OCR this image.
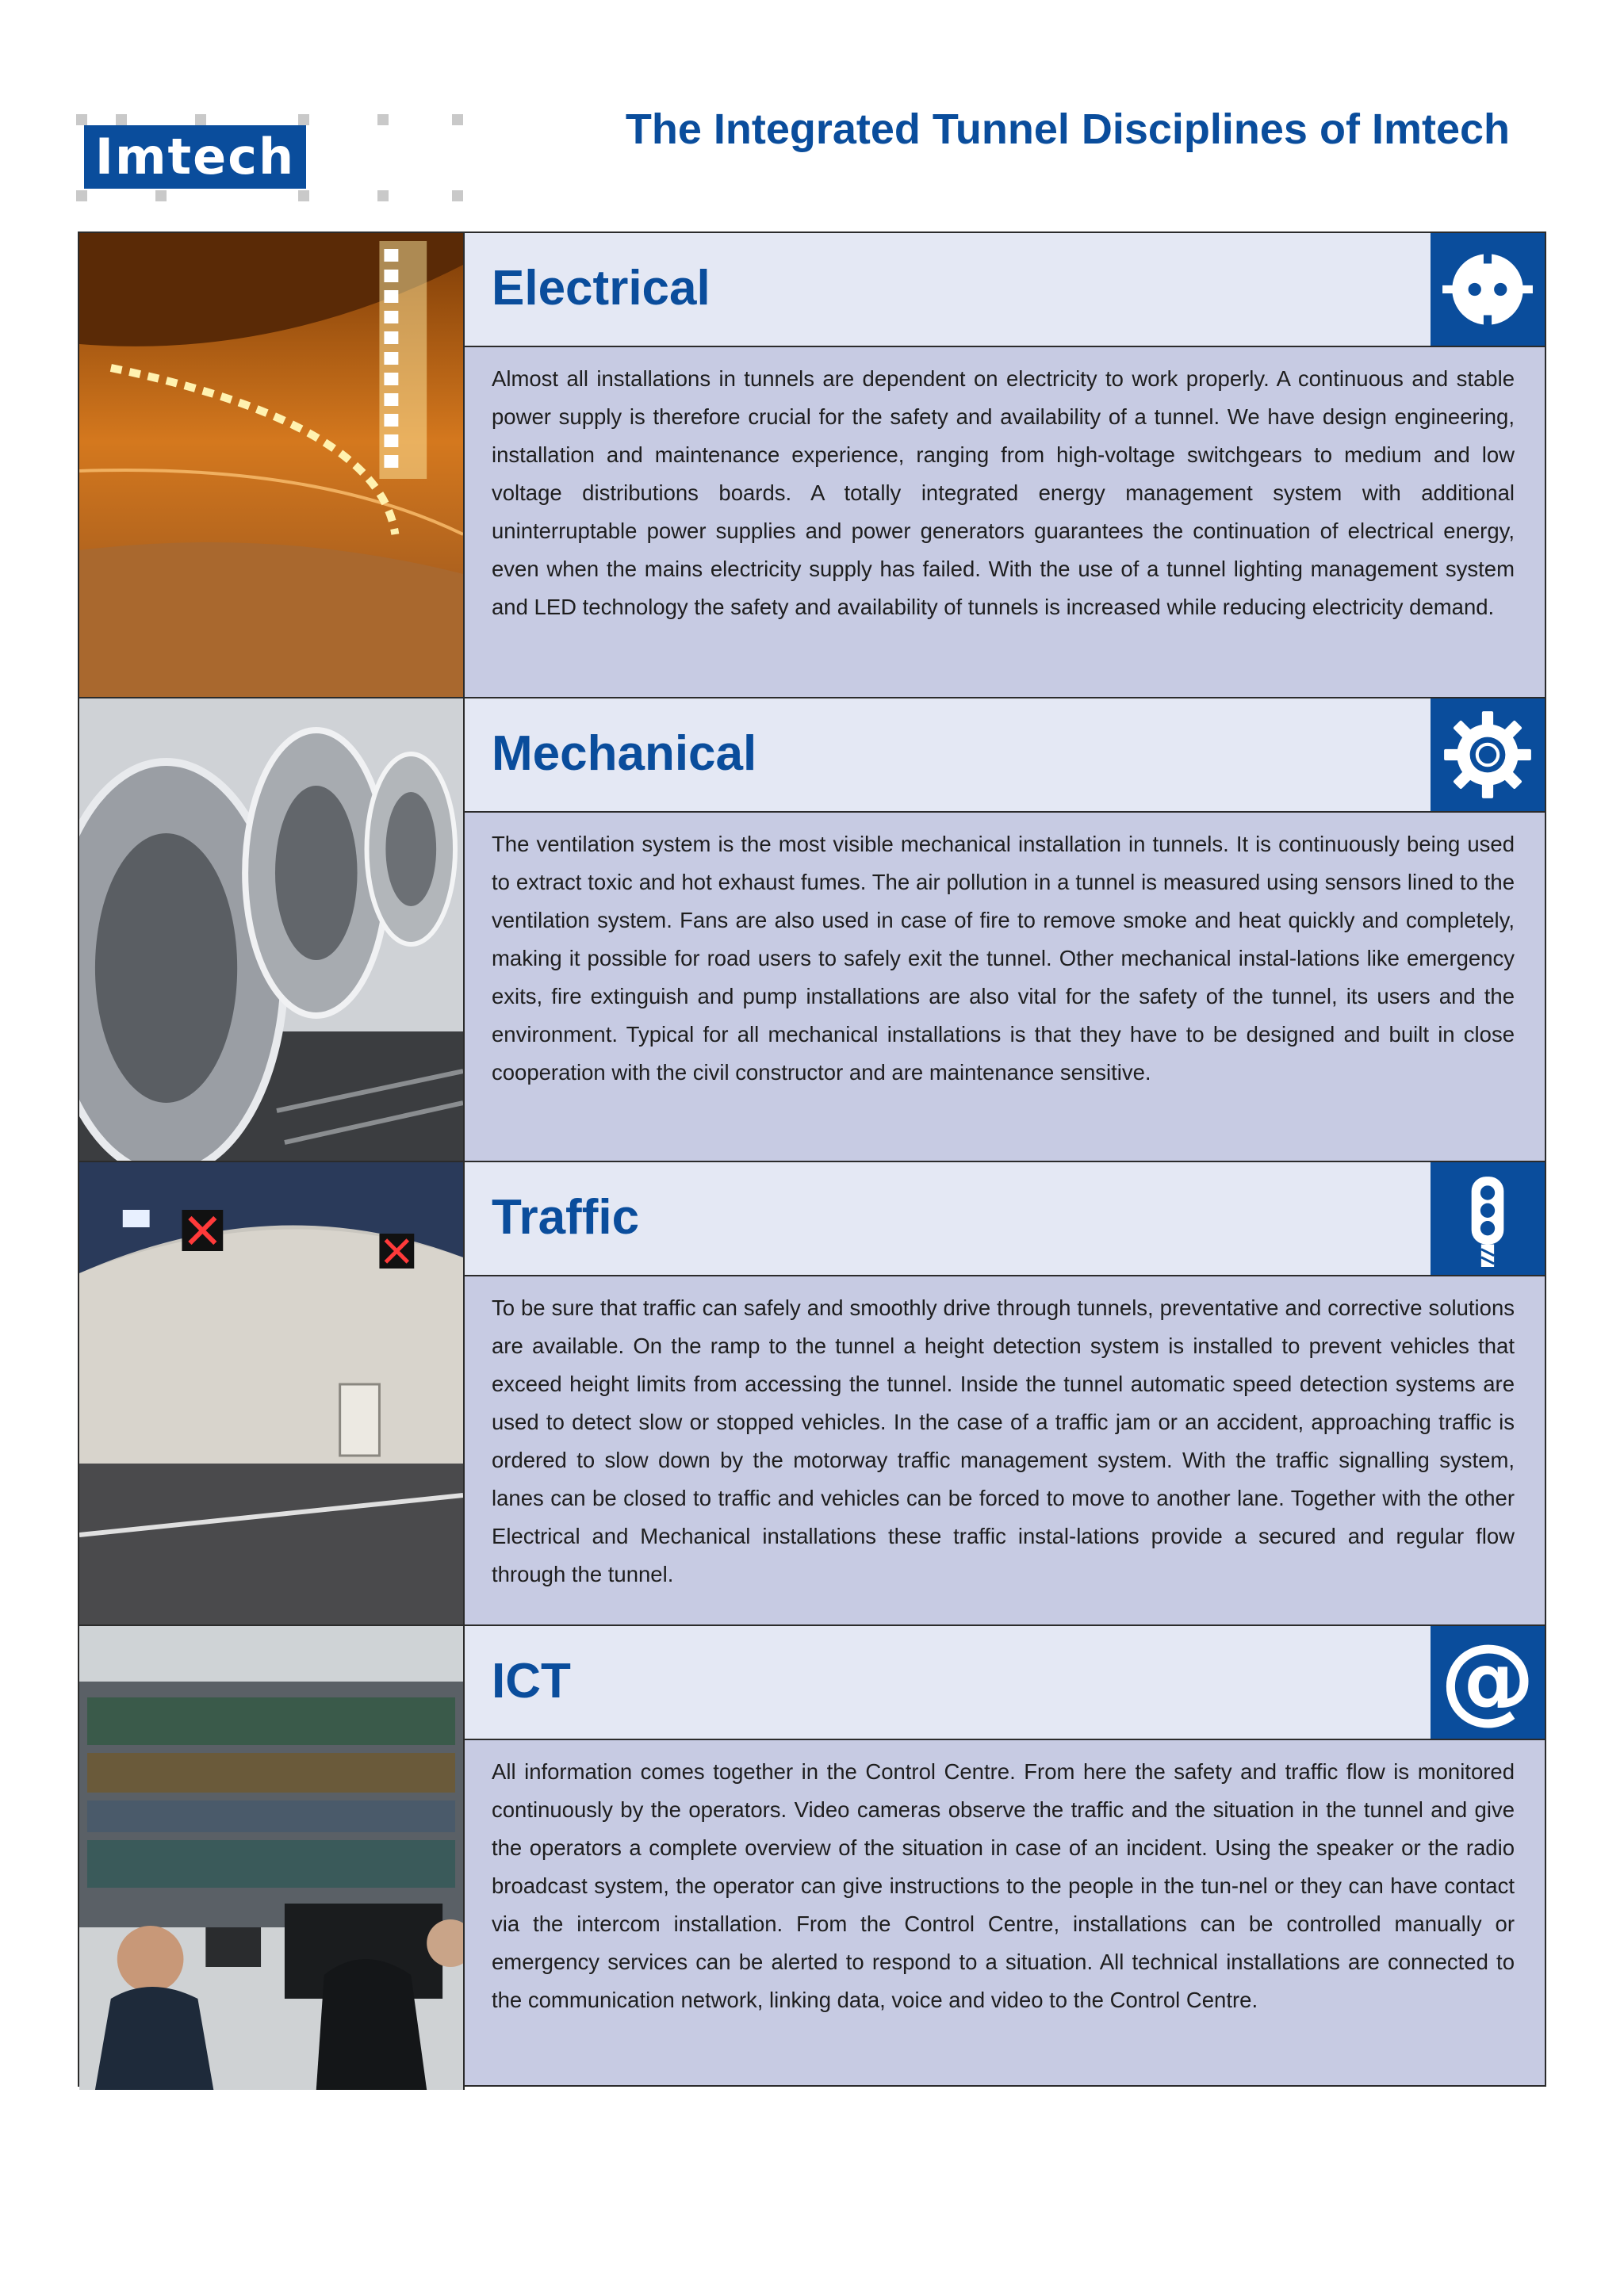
Imtech	The Integrated Tunnel Disciplines of Imtech
Electrical

Almost all installations in tunnels are dependent on electricity to work properly. A continuous and stable power supply is therefore crucial for the safety and availability of a tunnel. We have design engineering, installation and maintenance experience, ranging from high-voltage switchgears to medium and low voltage distributions boards. A totally integrated energy management system with additional uninterruptable power supplies and power generators guarantees the continuation of electrical energy, even when the mains electricity supply has failed. With the use of a tunnel lighting management system and LED technology the safety and availability of tunnels is increased while reducing electricity demand.

Mechanical

The ventilation system is the most visible mechanical installation in tunnels. It is continuously being used to extract toxic and hot exhaust fumes. The air pollution in a tunnel is measured using sensors lined to the ventilation system. Fans are also used in case of fire to remove smoke and heat quickly and completely, making it possible for road users to safely exit the tunnel. Other mechanical instal-lations like emergency exits, fire extinguish and pump installations are also vital for the safety of the tunnel, its users and the environment. Typical for all mechanical installations is that they have to be designed and built in close cooperation with the civil constructor and are maintenance sensitive.

Traffic

To be sure that traffic can safely and smoothly drive through tunnels, preventative and corrective solutions are available. On the ramp to the tunnel a height detection system is installed to prevent vehicles that exceed height limits from accessing the tunnel. Inside the tunnel automatic speed detection systems are used to detect slow or stopped vehicles. In the case of a traffic jam or an accident, approaching traffic is ordered to slow down by the motorway traffic management system. With the traffic signalling system, lanes can be closed to traffic and vehicles can be forced to move to another lane. Together with the other Electrical and Mechanical installations these traffic instal-lations provide a secured and regular flow through the tunnel.

ICT	@

All information comes together in the Control Centre. From here the safety and traffic flow is monitored continuously by the operators. Video cameras observe the traffic and the situation in the tunnel and give the operators a complete overview of the situation in case of an incident. Using the speaker or the radio broadcast system, the operator can give instructions to the people in the tun-nel or they can have contact via the intercom installation. From the Control Centre, installations can be controlled manually or emergency services can be alerted to respond to a situation. All technical installations are connected to the communication network, linking data, voice and video to the Control Centre.
